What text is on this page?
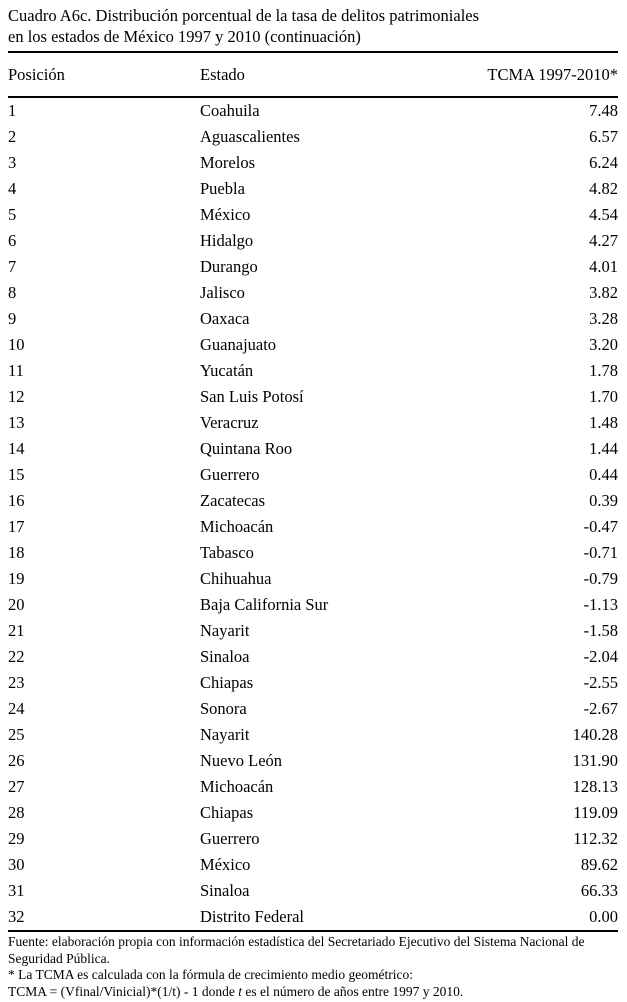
Cuadro A6c. Distribución porcentual de la tasa de delitos patrimoniales
en los estados de México 1997 y 2010 (continuación)
Posición	Estado	TCMA 1997-2010*
1	Coahuila	7.48
2	Aguascalientes	6.57
3	Morelos	6.24
4	Puebla	4.82
5	México	4.54
6	Hidalgo	4.27
7	Durango	4.01
8	Jalisco	3.82
9	Oaxaca	3.28
10	Guanajuato	3.20
11	Yucatán	1.78
12	San Luis Potosí	1.70
13	Veracruz	1.48
14	Quintana Roo	1.44
15	Guerrero	0.44
16	Zacatecas	0.39
17	Michoacán	-0.47
18	Tabasco	-0.71
19	Chihuahua	-0.79
20	Baja California Sur	-1.13
21	Nayarit	-1.58
22	Sinaloa	-2.04
23	Chiapas	-2.55
24	Sonora	-2.67
25	Nayarit	140.28
26	Nuevo León	131.90
27	Michoacán	128.13
28	Chiapas	119.09
29	Guerrero	112.32
30	México	89.62
31	Sinaloa	66.33
32	Distrito Federal	0.00

Fuente: elaboración propia con información estadística del Secretariado Ejecutivo del Sistema Nacional de Seguridad Pública.

* La TCMA es calculada con la fórmula de crecimiento medio geométrico:

TCMA = (Vfinal/Vinicial)*(1/t) - 1 donde t es el número de años entre 1997 y 2010.
